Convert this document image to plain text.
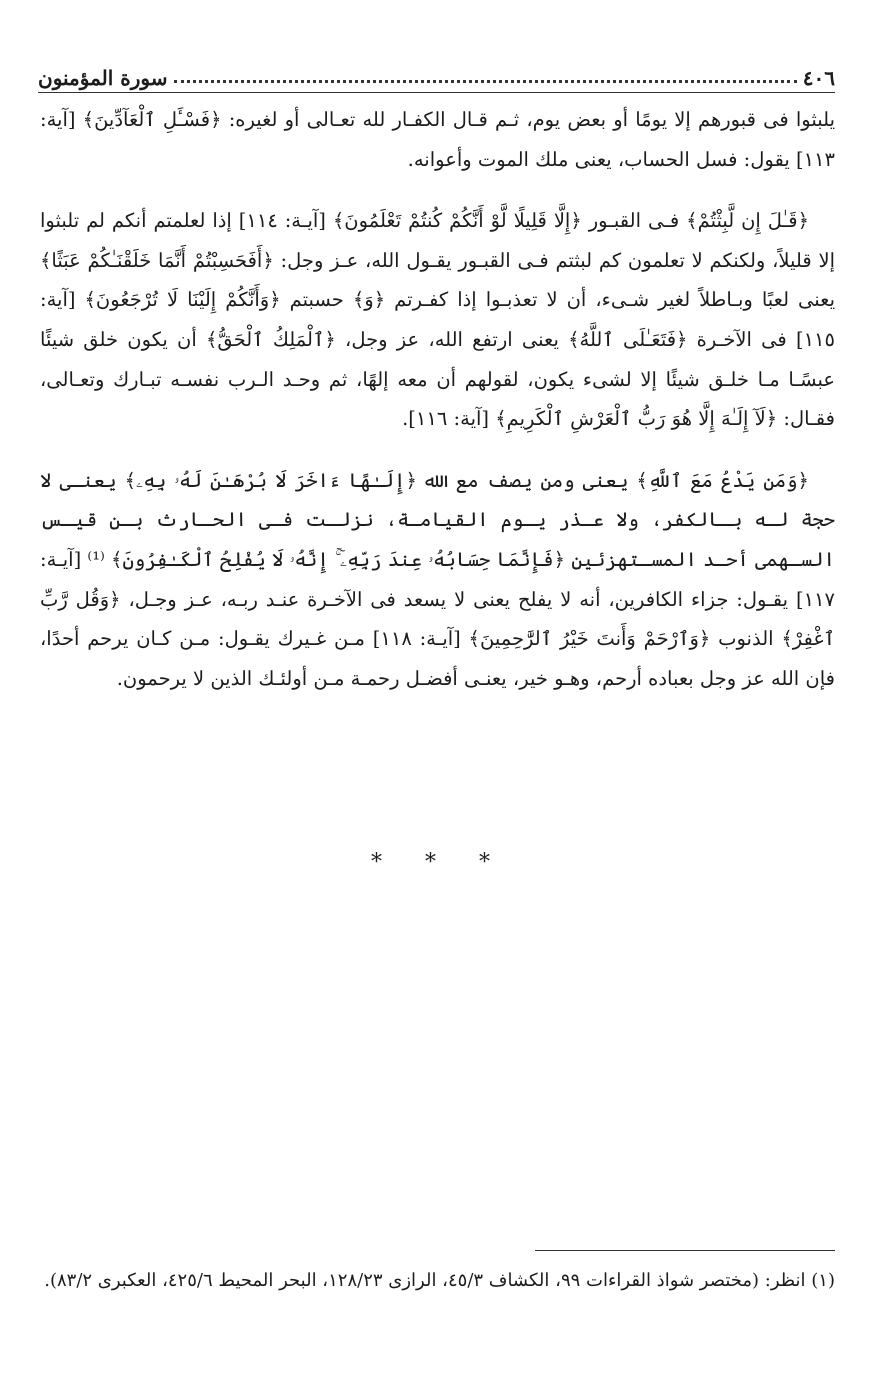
٤٠٦
سورة المؤمنون

يلبثوا فى قبورهم إلا يومًا أو بعض يوم، ثـم قـال الكفـار لله تعـالى أو لغيره: ﴿فَسْـَٔلِ ٱلْعَآدِّينَ﴾ [آية: ١١٣] يقول: فسل الحساب، يعنى ملك الموت وأعوانه.

﴿قَـٰلَ إِن لَّبِثْتُمْ﴾ فـى القبـور ﴿إِلَّا قَلِيلًا لَّوْ أَنَّكُمْ كُنتُمْ تَعْلَمُونَ﴾ [آيـة: ١١٤] إذا لعلمتم أنكم لم تلبثوا إلا قليلاً، ولكنكم لا تعلمون كم لبثتم فـى القبـور يقـول الله، عـز وجل: ﴿أَفَحَسِبْتُمْ أَنَّمَا خَلَقْنَـٰكُمْ عَبَثًا﴾ يعنى لعبًا وبـاطلاً لغير شـىء، أن لا تعذبـوا إذا كفـرتم ﴿وَ﴾ حسبتم ﴿وَأَنَّكُمْ إِلَيْنَا لَا تُرْجَعُونَ﴾ [آية: ١١٥] فى الآخـرة ﴿فَتَعَـٰلَى ٱللَّهُ﴾ يعنى ارتفع الله، عز وجل، ﴿ٱلْمَلِكُ ٱلْحَقُّ﴾ أن يكون خلق شيئًا عبسًـا مـا خلـق شيئًا إلا لشىء يكون، لقولهم أن معه إلهًا، ثم وحـد الـرب نفسـه تبـارك وتعـالى، فقـال: ﴿لَآ إِلَـٰهَ إِلَّا هُوَ رَبُّ ٱلْعَرْشِ ٱلْكَرِيمِ﴾ [آية: ١١٦].

﴿وَمَن يَدْعُ مَعَ ٱللَّهِ﴾ يعنى ومن يصف مع الله ﴿إِلَـٰهًا ءَاخَرَ لَا بُرْهَـٰنَ لَهُۥ بِهِۦ﴾ يعنـى لا حجة لـه بـالكفر، ولا عـذر يـوم القيامـة، نزلـت فـى الحـارث بـن قيـس السـهمى أحـد المسـتهزئين ﴿فَإِنَّمَا حِسَابُهُۥ عِندَ رَبِّهِۦٓ ۚ إِنَّهُۥ لَا يُفْلِحُ ٱلْكَـٰفِرُونَ﴾ ⁽¹⁾ [آيـة: ١١٧] يقـول: جزاء الكافرين، أنه لا يفلح يعنى لا يسعد فى الآخـرة عنـد ربـه، عـز وجـل، ﴿وَقُل رَّبِّ ٱغْفِرْ﴾ الذنوب ﴿وَٱرْحَمْ وَأَنتَ خَيْرُ ٱلرَّٰحِمِينَ﴾ [آيـة: ١١٨] مـن غـيرك يقـول: مـن كـان يرحم أحدًا، فإن الله عز وجل بعباده أرحم، وهـو خير، يعنـى أفضـل رحمـة مـن أولئـك الذين لا يرحمون.

* * *
(١) انظر: (مختصر شواذ القراءات ٩٩، الكشاف ٤٥/٣، الرازى ١٢٨/٢٣، البحر المحيط ٤٢٥/٦، العكبرى ٨٣/٢).
